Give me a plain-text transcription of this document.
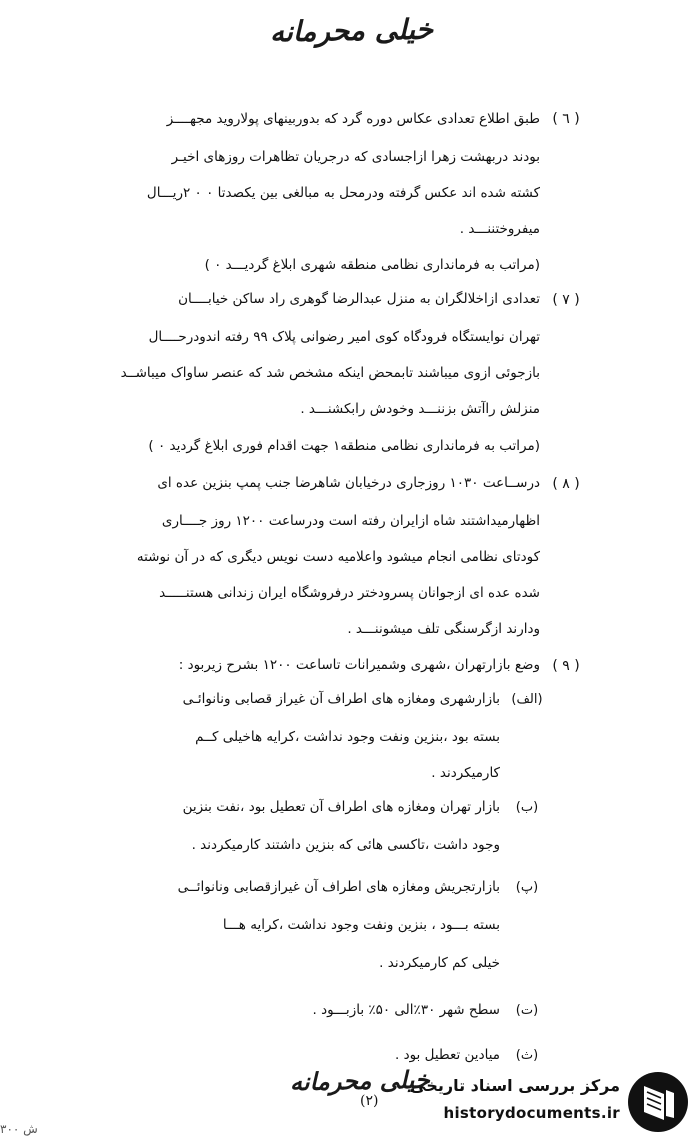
خیلی محرمانه
( ٦ )
طبق اطلاع تعدادی عکاس دوره گرد که بدوربینهای پولاروید مجهــــز
بودند دربهشت زهرا ازاجسادی که درجریان تظاهرات روزهای اخیـر
کشته شده اند عکس گرفته ودرمحل به مبالغی بین یکصدتا ۰ ۰ ۲ریـــال
میفروختننـــد .
(مراتب به فرمانداری نظامی منطقه شهری ابلاغ گردیـــد ۰ )
( ٧ )
تعدادی ازاخلالگران به منزل عبدالرضا گوهری راد ساکن خیابــــان
تهران نوایستگاه فرودگاه کوی امیر رضوانی پلاک ۹۹ رفته اندودرحــــال
بازجوئی ازوی میباشند تابمحض اینکه مشخص شد که عنصر ساواک میباشــد
منزلش راآتش بزننـــد وخودش رابکشنـــد .
(مراتب به فرمانداری نظامی منطقه۱ جهت اقدام فوری ابلاغ گردید ۰ )
( ٨ )
درســاعت ۱۰۳۰ روزجاری درخیابان شاهرضا جنب پمپ بنزین عده ای
اظهارمیداشتند شاه ازایران رفته است ودرساعت ۱۲۰۰ روز جــــاری
کودتای نظامی انجام میشود واعلامیه دست نویس دیگری که در آن نوشته
شده عده ای ازجوانان پسرودختر درفروشگاه ایران زندانی هستنـــــد
ودارند ازگرسنگی تلف میشوننـــد .
( ٩ )
وضع بازارتهران ،شهری وشمیرانات تاساعت ۱۲۰۰ بشرح زیربود :
(الف)
بازارشهری ومغازه های اطراف آن غیراز قصابی ونانوائـی
بسته بود ،بنزین ونفت وجود نداشت ،کرایه هاخیلی کــم
کارمیکردند .
(ب)
بازار تهران ومغازه های اطراف آن تعطیل بود ،نفت بنزین
وجود داشت ،تاکسی هائی که بنزین داشتند کارمیکردند .
(پ)
بازارتجریش ومغازه های اطراف آن غیرازقصابی ونانوائــی
بسته بـــود ، بنزین ونفت وجود نداشت ،کرایه هـــا
خیلی کم کارمیکردند .
(ت)
سطح شهر ۳۰٪الی ۵۰٪ بازبـــود .
(ث)
میادین تعطیل بود .
خیلی محرمانه
(۲)
مرکز بررسی اسناد تاریخی
historydocuments.ir
۳۰۰ ش
